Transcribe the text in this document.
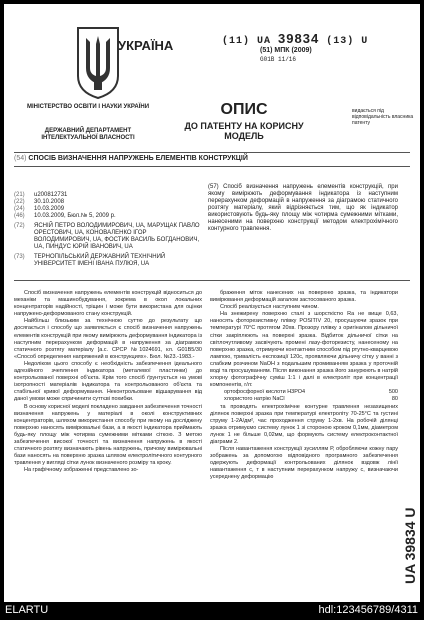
УКРАЇНА
МІНІСТЕРСТВО ОСВІТИ І НАУКИ УКРАЇНИ
ДЕРЖАВНИЙ ДЕПАРТАМЕНТ ІНТЕЛЕКТУАЛЬНОЇ ВЛАСНОСТІ
(11) UA 39834 (13) U
(51) МПК (2009)
G01B 11/16
ОПИС
ДО ПАТЕНТУ НА КОРИСНУ МОДЕЛЬ
видається під відповідальність власника патенту
(54) СПОСІБ ВИЗНАЧЕННЯ НАПРУЖЕНЬ ЕЛЕМЕНТІВ КОНСТРУКЦІЙ
(21)	u200812731
(22)	30.10.2008
(24)	10.03.2009
(46)	10.03.2009, Бюл.№ 5, 2009 р.
(72)	ЯСНІЙ ПЕТРО ВОЛОДИМИРОВИЧ, UA, МАРУЩАК ПАВЛО ОРЕСТОВИЧ, UA, КОНОВАЛЕНКО ІГОР ВОЛОДИМИРОВИЧ, UA, ФОСТИК ВАСИЛЬ БОГДАНОВИЧ, UA, ПИНДУС ЮРІЙ ІВАНОВИЧ, UA
(73)	ТЕРНОПІЛЬСЬКИЙ ДЕРЖАВНИЙ ТЕХНІЧНИЙ УНІВЕРСИТЕТ ІМЕНІ ІВАНА ПУЛЮЯ, UA
(57) Спосіб визначення напружень елементів конструкцій, при якому вимірюють деформування індикатора із наступним перерахунком деформацій в напруження за діаграмою статичного розтягу матеріалу, який відрізняється тим, що як індикатор використовують будь-яку площу між чотирма сумежними мітками, нанесеними на поверхню конструкції методом електрохімічного контурного травлення.

Спосіб визначення напружень елементів конструкцій відноситься до механіки та машинобудування, зокрема в окол локальних концентраторів надійності, тріщин і може бути використана для оцінки напружено-деформованого стану конструкцій.

Найбільш близьким за технічною суттю до результату що досягається і способу що заявляється є спосіб визначення напружень елементів конструкцій при якому вимірюють деформування індикатора із наступним перерахунком деформацій в напруження за діаграмою статичного розтягу матеріалу [а.с. СРСР №1024691, кл. G01B5/30 «Способ определения напряжений в конструкциях». Бюл. №23.-1983.-

Недоліком цього способу є необхідність забезпечення ідеального адгезійного зчеплення індикатора (металевої пластинки) до контрольованої поверхні об'єкта. Крім того спосіб ґрунтується на умові ізотропності матеріалів індикатора та контрольованого об'єкта та стабільної кривої деформування. Неконтрольоване відшарування від даної умови може спричинити суттєві похибки.

В основу корисної моделі покладено завдання забезпечення точності визначення напружень у матеріалі в околі конструктивних концентраторів, шляхом використання способу при якому на досліджену поверхню наносять вимірювальні бази, а в якості індикатора приймають будь-яку площу між чотирма сумежними мітками сіткою. З метою забезпечення високої точності та визначення напружень в якості статичного розтягу визначають рівень напружень, причому вимірювальні бази наносять на поверхню зразка шляхом електролітичного контурного травлення у вигляді сітки лунок визначеного розміру та кроку.

На графічному зображенні представлено зо-

браження міток нанесених на поверхню зразка, та індикатори вимірювання деформацій загалом застосованого зразка.

Спосіб реалізується наступним чином.

На знежирену поверхню сталі з шорсткістю Ra не вище 0,63, наносять фоторезистивну плівку POSITIV 20, просушуючи зразок при температурі 70°С протягом 20хв. Прозору плівку з оригіналом дільничої сітки закріплюють на поверхні зразка. Відбиток дільничої сітки на світлочутливому засвічують промені лазу-фоторезисту, нанесеному на поверхню зразка, отримуючи контактним способом під ртутно-кварцевою лампою, тривалість експозиції 120с, проявляючи дільничу сітку у ванні з слабким розчином NaOH з подальшим промиванням зразка у проточній воді та просушуванням. Після виконання зразка його занурюють в натрій хлорну фотографічну суміш 1:1 і далі в електроліт при концентрації компонентів, г/л:

ортофосфорної кислоти Н3РО4	500

хлористого натрію NaCl	80

та проводять електрохімічне контурне травлення незахищених ділянок поверхні зразка при температурі електроліту 70-25°С та густині струму 1-2А/дм², час проходження струму 1-2хв. На робочій ділянці зразка отримуємо систему лунок 1 зі стороною кроком 0,1мм, діаметром лунок 1 не більше 0,02мм, що формують систему електроконтактної діаграми 2.

Після навантаження конструкції зусиллям Р, обробляючи кожну пару зображень за допомогою відповідного програмного забезпечення одержують деформації контрольованих ділянок вздовж лінії навантаження с, т в наступним перерахунком напружу с, визначаючи усереднену деформацію

UA 39834 U
ELARTU	hdl:123456789/4311
